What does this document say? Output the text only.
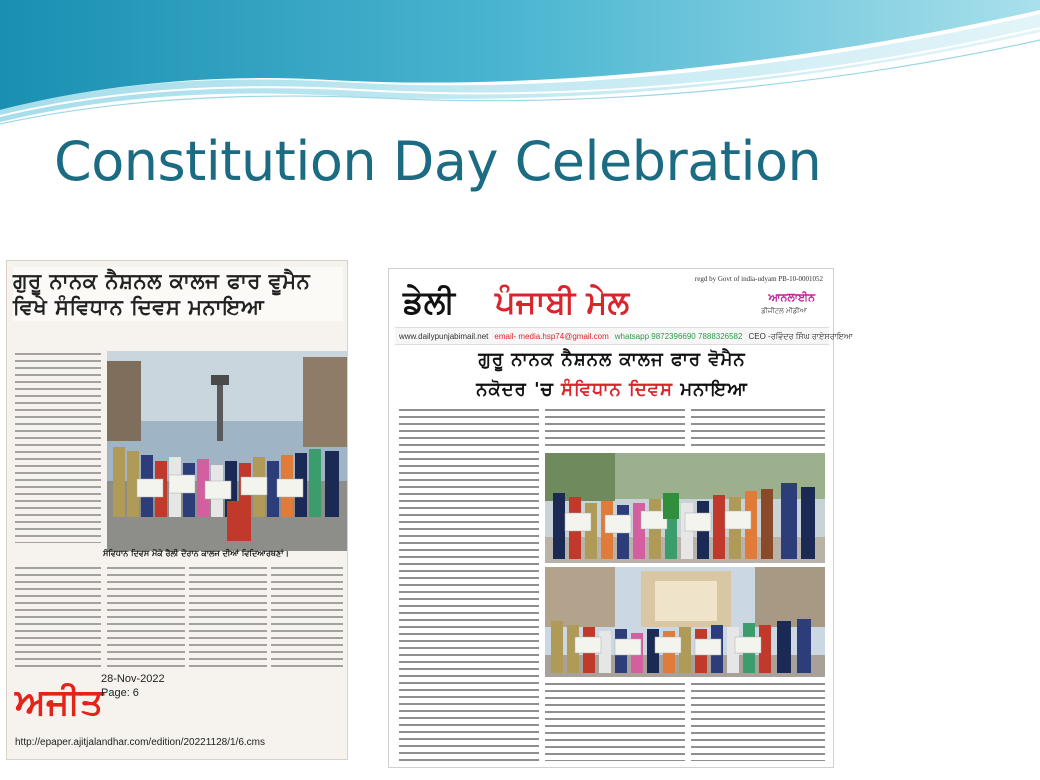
Constitution Day Celebration
ਗੁਰੂ ਨਾਨਕ ਨੈਸ਼ਨਲ ਕਾਲਜ ਫਾਰ ਵੂਮੈਨ ਵਿਖੇ ਸੰਵਿਧਾਨ ਦਿਵਸ ਮਨਾਇਆ
ਸੰਵਿਧਾਨ ਦਿਵਸ ਮੌਕੇ ਰੈਲੀ ਦੌਰਾਨ ਕਾਲਜ ਦੀਆਂ ਵਿਦਿਆਰਥਣਾਂ।
ਅਜੀਤ
28-Nov-2022
Page: 6
http://epaper.ajitjalandhar.com/edition/20221128/1/6.cms
ਡੇਲੀ ਪੰਜਾਬੀ ਮੇਲ
regd by Govt of india-udyam PB-10-0001052
ਆਨਲਾਈਨ
ਡੀਜੀਟਲ ਮੀਡੀਆ
www.dailypunjabimail.net email- media.hsp74@gmail.com whatsapp 9872396690 7888326582 CEO -ਰਵਿੰਦਰ ਸਿੰਘ ਰਾਏਸਰਾਇਆ
ਗੁਰੂ ਨਾਨਕ ਨੈਸ਼ਨਲ ਕਾਲਜ ਫਾਰ ਵੋਮੈਨ
ਨਕੋਦਰ 'ਚ ਸੰਵਿਧਾਨ ਦਿਵਸ ਮਨਾਇਆ
